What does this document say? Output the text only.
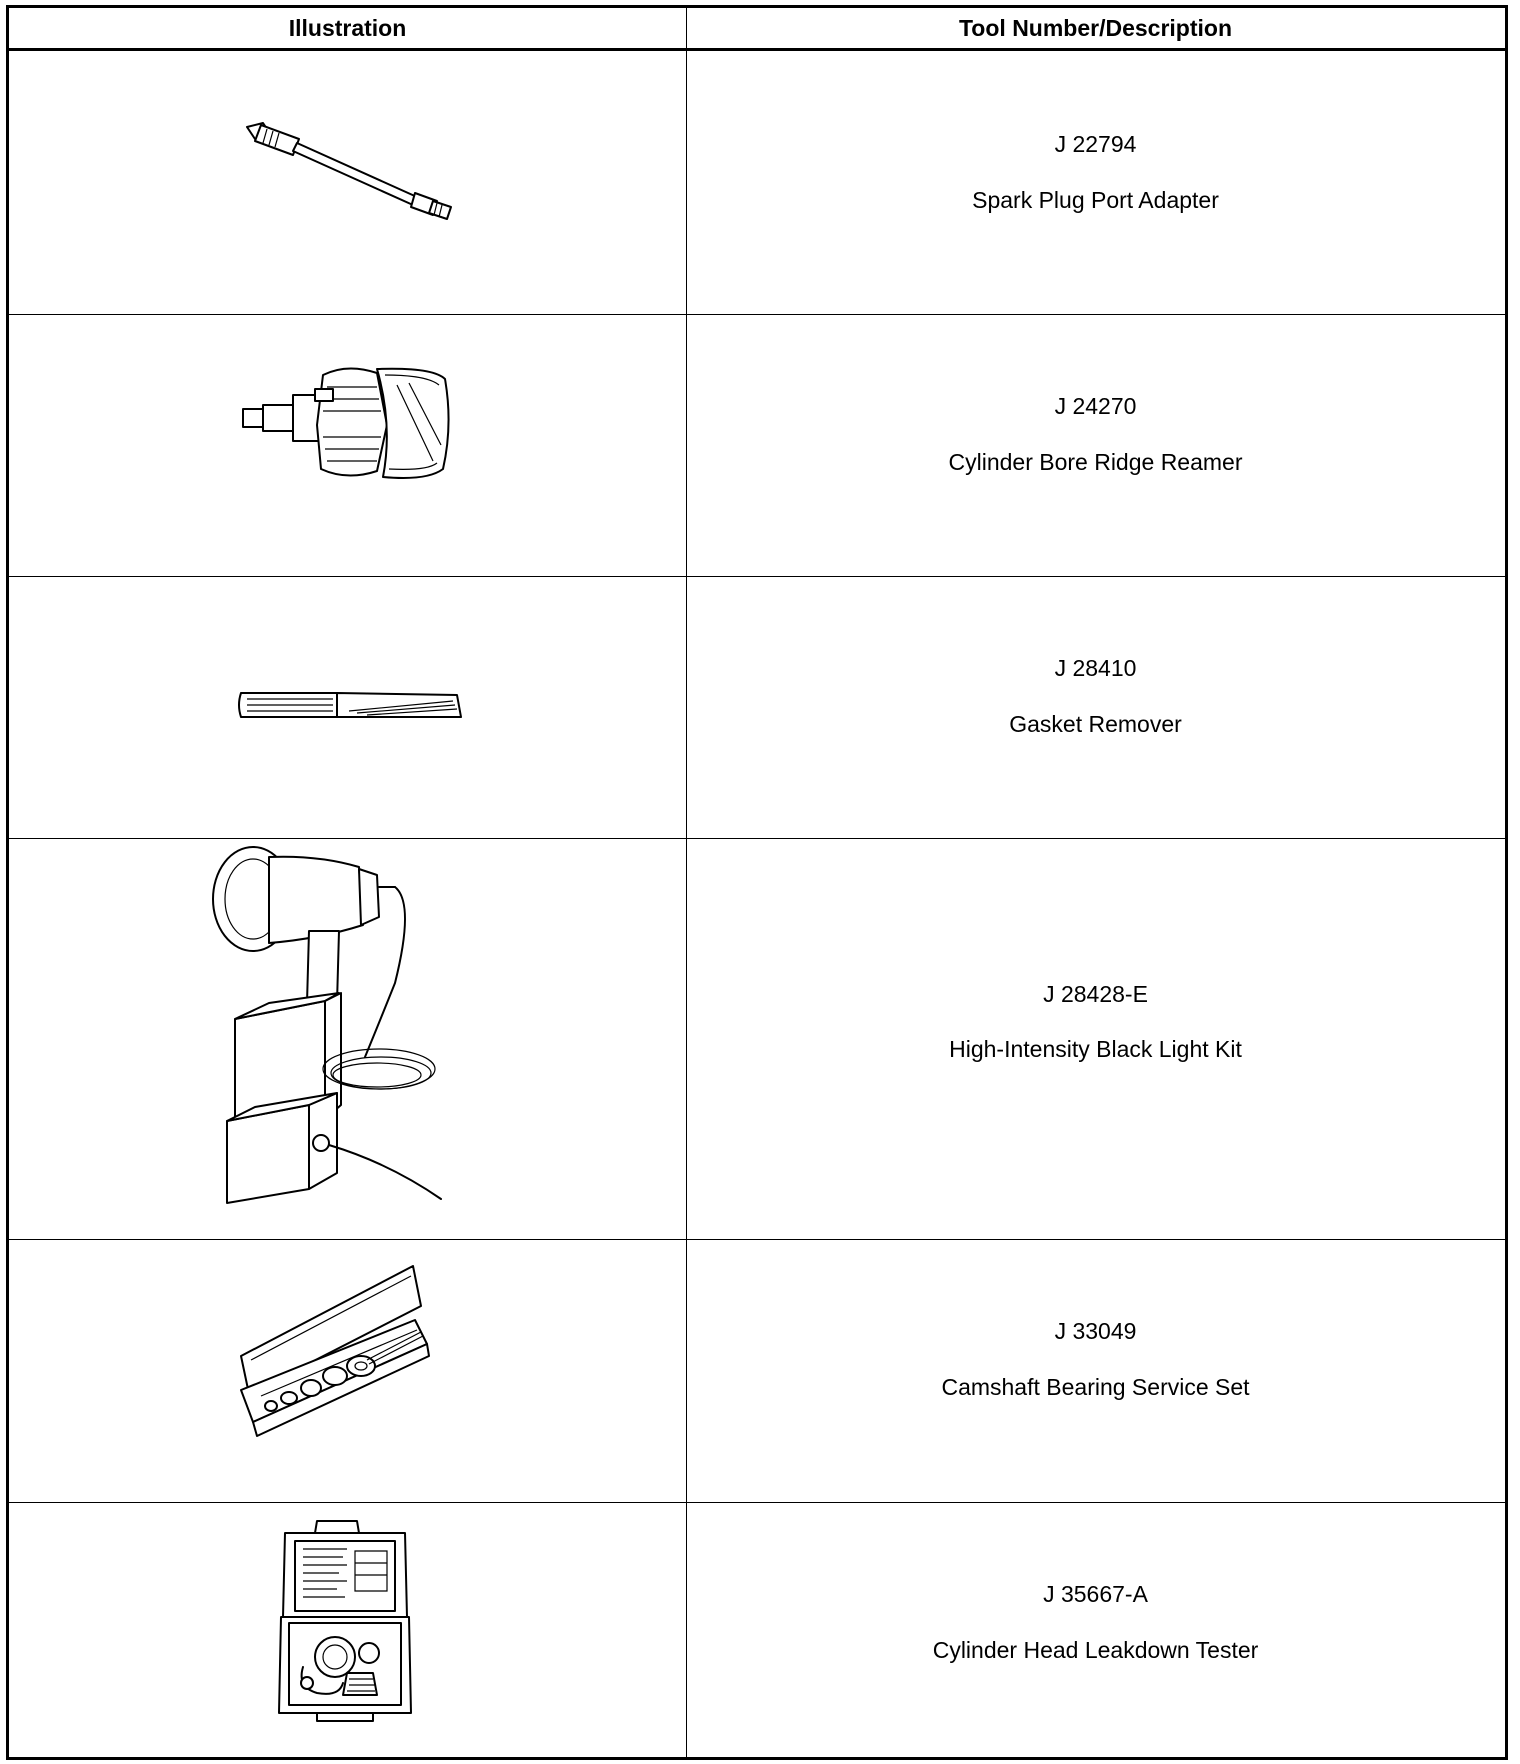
Illustration	Tool Number/Description
J 22794
Spark Plug Port Adapter
J 24270
Cylinder Bore Ridge Reamer
J 28410
Gasket Remover
J 28428-E
High-Intensity Black Light Kit
J 33049
Camshaft Bearing Service Set
J 35667-A
Cylinder Head Leakdown Tester
